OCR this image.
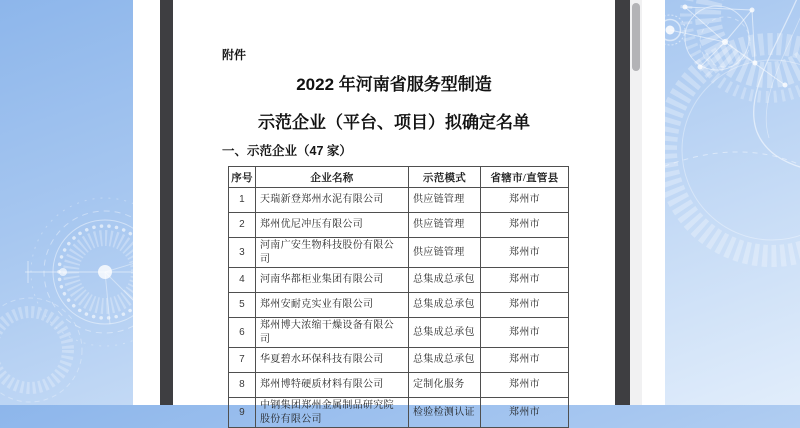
附件
2022 年河南省服务型制造
示范企业（平台、项目）拟确定名单
一、示范企业（47 家）
序号	企业名称	示范模式	省辖市/直管县
1	天瑞新登郑州水泥有限公司	供应链管理	郑州市
2	郑州优尼冲压有限公司	供应链管理	郑州市
3	河南广安生物科技股份有限公司	供应链管理	郑州市
4	河南华都柜业集团有限公司	总集成总承包	郑州市
5	郑州安耐克实业有限公司	总集成总承包	郑州市
6	郑州博大浓缩干燥设备有限公司	总集成总承包	郑州市
7	华夏碧水环保科技有限公司	总集成总承包	郑州市
8	郑州博特硬质材料有限公司	定制化服务	郑州市
9	中钢集团郑州金属制品研究院股份有限公司	检验检测认证	郑州市
